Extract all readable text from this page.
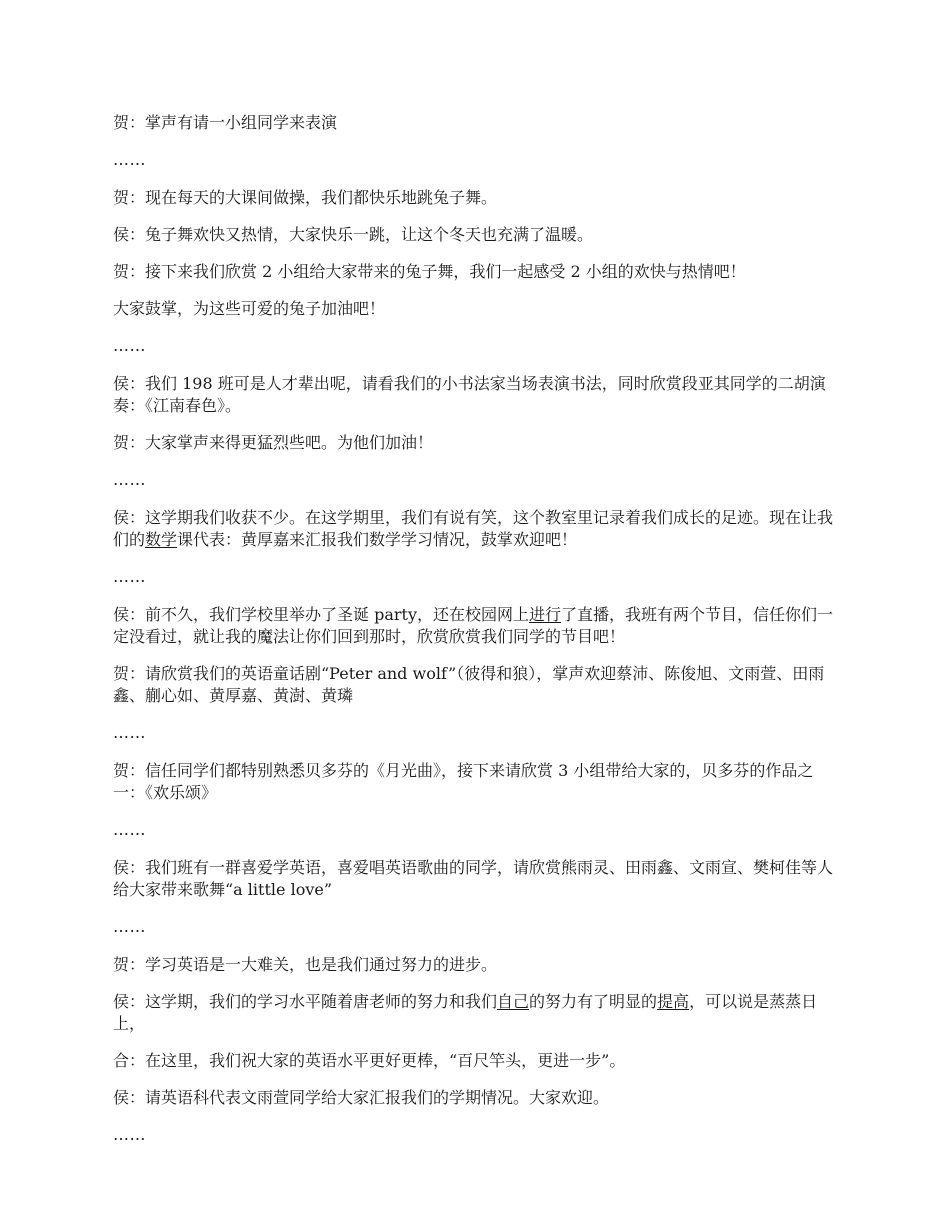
贺：掌声有请一小组同学来表演

……

贺：现在每天的大课间做操，我们都快乐地跳兔子舞。

侯：兔子舞欢快又热情，大家快乐一跳，让这个冬天也充满了温暖。

贺：接下来我们欣赏 2 小组给大家带来的兔子舞，我们一起感受 2 小组的欢快与热情吧！

大家鼓掌，为这些可爱的兔子加油吧！

……

侯：我们 198 班可是人才辈出呢，请看我们的小书法家当场表演书法，同时欣赏段亚其同学的二胡演奏：《江南春色》。

贺：大家掌声来得更猛烈些吧。为他们加油！

……

侯：这学期我们收获不少。在这学期里，我们有说有笑，这个教室里记录着我们成长的足迹。现在让我们的数学课代表：黄厚嘉来汇报我们数学学习情况，鼓掌欢迎吧！

……

侯：前不久，我们学校里举办了圣诞 party，还在校园网上进行了直播，我班有两个节目，信任你们一定没看过，就让我的魔法让你们回到那时，欣赏欣赏我们同学的节目吧！

贺：请欣赏我们的英语童话剧“Peter and wolf”（彼得和狼），掌声欢迎蔡沛、陈俊旭、文雨萱、田雨鑫、蒯心如、黄厚嘉、黄澍、黄璘

……

贺：信任同学们都特别熟悉贝多芬的《月光曲》，接下来请欣赏 3 小组带给大家的，贝多芬的作品之一：《欢乐颂》

……

侯：我们班有一群喜爱学英语，喜爱唱英语歌曲的同学，请欣赏熊雨灵、田雨鑫、文雨宣、樊柯佳等人给大家带来歌舞“a little love”

……

贺：学习英语是一大难关，也是我们通过努力的进步。

侯：这学期，我们的学习水平随着唐老师的努力和我们自己的努力有了明显的提高，可以说是蒸蒸日上，

合：在这里，我们祝大家的英语水平更好更棒，“百尺竿头，更进一步”。

侯：请英语科代表文雨萱同学给大家汇报我们的学期情况。大家欢迎。

……
